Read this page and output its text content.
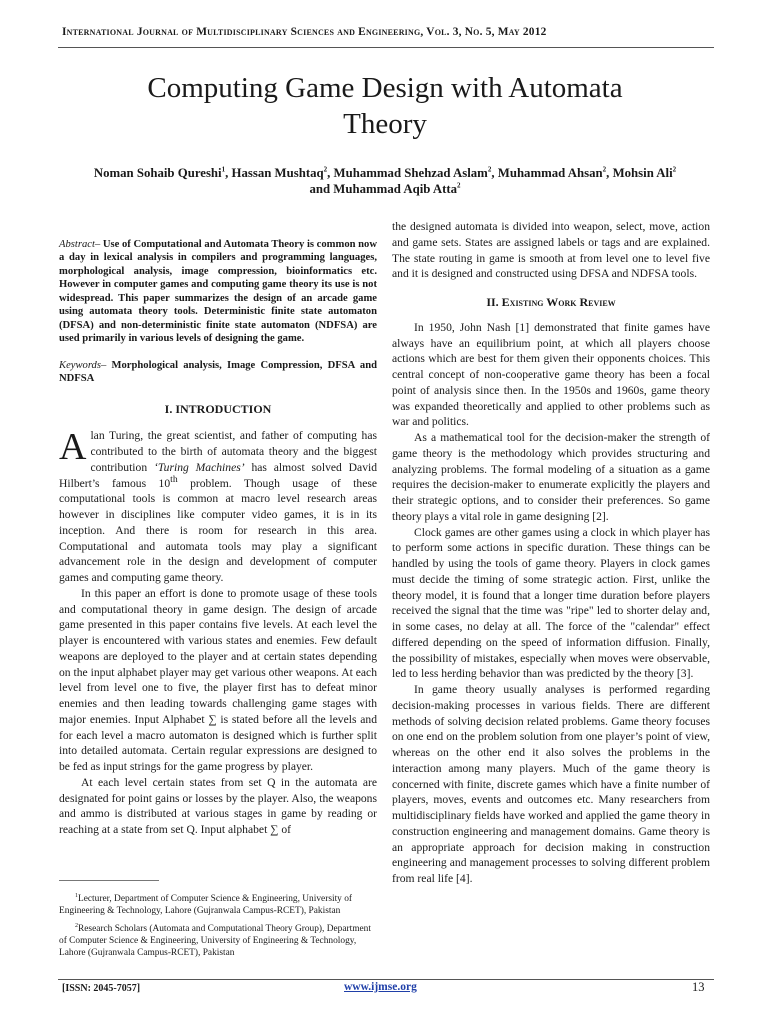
International Journal of Multidisciplinary Sciences and Engineering, Vol. 3, No. 5, May 2012
Computing Game Design with Automata
Theory
Noman Sohaib Qureshi$^1$, Hassan Mushtaq$^2$, Muhammad Shehzad Aslam$^2$, Muhammad Ahsan$^2$, Mohsin Ali$^2$ and Muhammad Aqib Atta$^2$

Abstract– Use of Computational and Automata Theory is common now a day in lexical analysis in compilers and programming languages, morphological analysis, image compression, bioinformatics etc. However in computer games and computing game theory its use is not widespread. This paper summarizes the design of an arcade game using automata theory tools. Deterministic finite state automaton (DFSA) and non-deterministic finite state automaton (NDFSA) are used primarily in various levels of designing the game.

Keywords– Morphological analysis, Image Compression, DFSA and NDFSA

I. INTRODUCTION

Alan Turing, the great scientist, and father of computing has contributed to the birth of automata theory and the biggest contribution ‘Turing Machines’ has almost solved David Hilbert’s famous 10th problem. Though usage of these computational tools is common at macro level research areas however in disciplines like computer video games, it is in its inception. And there is room for research in this area. Computational and automata tools may play a significant advancement role in the design and development of computer games and computing game theory.

In this paper an effort is done to promote usage of these tools and computational theory in game design. The design of arcade game presented in this paper contains five levels. At each level the player is encountered with various states and enemies. Few default weapons are deployed to the player and at certain states depending on the input alphabet player may get various other weapons. At each level from level one to five, the player first has to defeat minor enemies and then leading towards challenging game stages with major enemies. Input Alphabet ∑ is stated before all the levels and for each level a macro automaton is designed which is further split into detailed automata. Certain regular expressions are designed to be fed as input strings for the game progress by player.

At each level certain states from set Q in the automata are designated for point gains or losses by the player. Also, the weapons and ammo is distributed at various stages in game by reading or reaching at a state from set Q. Input alphabet ∑ of

the designed automata is divided into weapon, select, move, action and game sets. States are assigned labels or tags and are explained. The state routing in game is smooth at from level one to level five and it is designed and constructed using DFSA and NDFSA tools.

II. Existing Work Review

In 1950, John Nash [1] demonstrated that finite games have always have an equilibrium point, at which all players choose actions which are best for them given their opponents choices. This central concept of non-cooperative game theory has been a focal point of analysis since then. In the 1950s and 1960s, game theory was expanded theoretically and applied to other problems such as war and politics.

As a mathematical tool for the decision-maker the strength of game theory is the methodology which provides structuring and analyzing problems. The formal modeling of a situation as a game requires the decision-maker to enumerate explicitly the players and their strategic options, and to consider their preferences. So game theory plays a vital role in game designing [2].

Clock games are other games using a clock in which player has to perform some actions in specific duration. These things can be handled by using the tools of game theory. Players in clock games must decide the timing of some strategic action. First, unlike the theory model, it is found that a longer time duration before players received the signal that the time was "ripe" led to shorter delay and, in some cases, no delay at all. The force of the "calendar" effect differed depending on the speed of information diffusion. Finally, the possibility of mistakes, especially when moves were observable, led to less herding behavior than was predicted by the theory [3].

In game theory usually analyses is performed regarding decision-making processes in various fields. There are different methods of solving decision related problems. Game theory focuses on one end on the problem solution from one player’s point of view, whereas on the other end it also solves the problems in the interaction among many players. Much of the game theory is concerned with finite, discrete games which have a finite number of players, moves, events and outcomes etc. Many researchers from multidisciplinary fields have worked and applied the game theory in construction engineering and management domains. Game theory is an appropriate approach for decision making in construction engineering and management processes to solving different problem from real life [4].

$^1$Lecturer, Department of Computer Science & Engineering, University of Engineering & Technology, Lahore (Gujranwala Campus-RCET), Pakistan

$^2$Research Scholars (Automata and Computational Theory Group), Department of Computer Science & Engineering, University of Engineering & Technology, Lahore (Gujranwala Campus-RCET), Pakistan

[ISSN: 2045-7057]	www.ijmse.org	13
